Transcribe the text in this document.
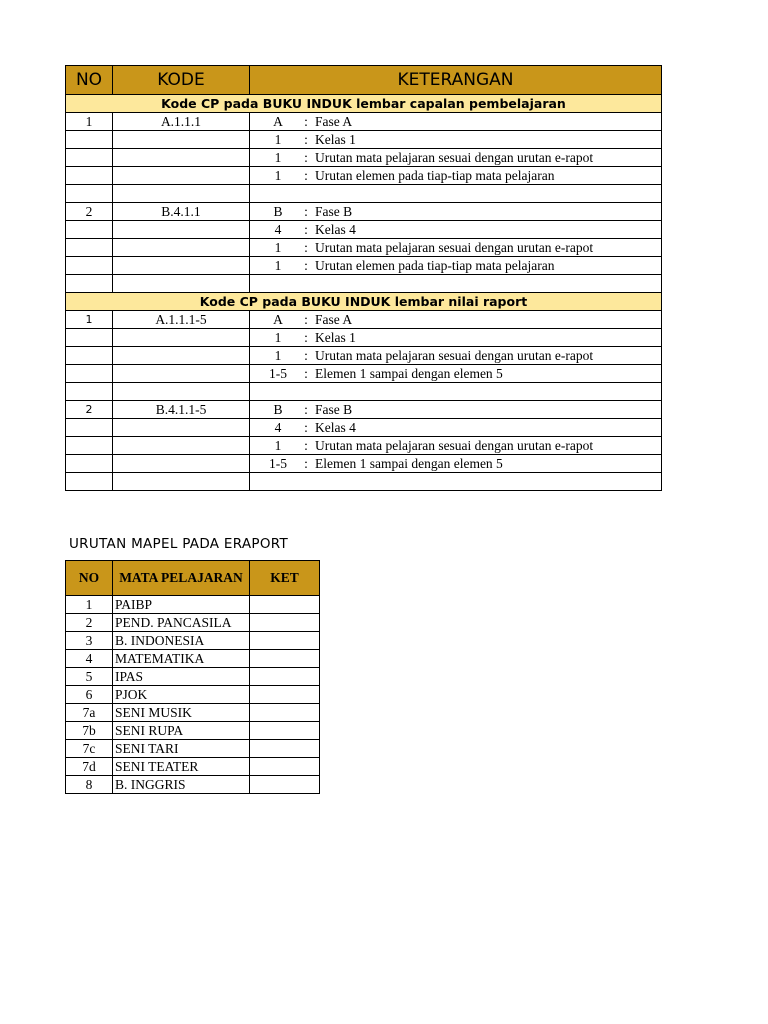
NO	KODE	KETERANGAN
Kode CP pada BUKU INDUK lembar capalan pembelajaran		
1	A.1.1.1	A : Fase A
		1 : Kelas 1
		1 : Urutan mata pelajaran sesuai dengan urutan e-rapot
		1 : Urutan elemen pada tiap-tiap mata pelajaran

2	B.4.1.1	B : Fase B
		4 : Kelas 4
		1 : Urutan mata pelajaran sesuai dengan urutan e-rapot
		1 : Urutan elemen pada tiap-tiap mata pelajaran

Kode CP pada BUKU INDUK lembar nilai raport		
1	A.1.1.1-5	A : Fase A
		1 : Kelas 1
		1 : Urutan mata pelajaran sesuai dengan urutan e-rapot
		1-5 : Elemen 1 sampai dengan elemen 5

2	B.4.1.1-5	B : Fase B
		4 : Kelas 4
		1 : Urutan mata pelajaran sesuai dengan urutan e-rapot
		1-5 : Elemen 1 sampai dengan elemen 5

URUTAN MAPEL PADA ERAPORT
NO	MATA PELAJARAN	KET
1	PAIBP	
2	PEND. PANCASILA	
3	B. INDONESIA	
4	MATEMATIKA	
5	IPAS	
6	PJOK	
7a	SENI MUSIK	
7b	SENI RUPA	
7c	SENI TARI	
7d	SENI TEATER	
8	B. INGGRIS	
